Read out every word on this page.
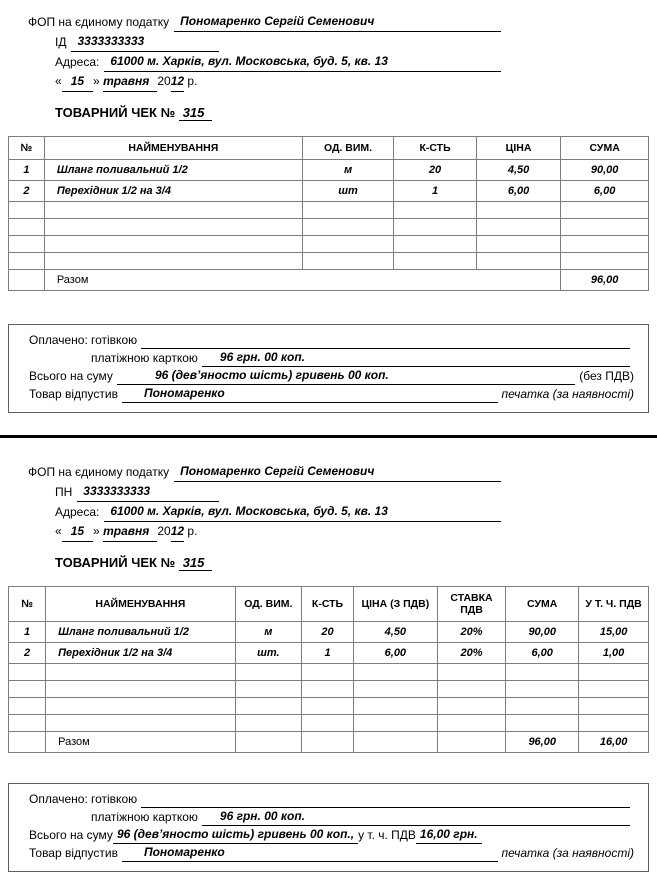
ФОП на єдиному податку Пономаренко Сергій Семенович
ІД 3333333333
Адреса: 61000 м. Харків, вул. Московська, буд. 5, кв. 13
« 15 » травня 2012 р.
ТОВАРНИЙ ЧЕК № 315
№	НАЙМЕНУВАННЯ	ОД. ВИМ.	К-СТЬ	ЦІНА	СУМА
1	Шланг поливальний 1/2	м	20	4,50	90,00
2	Перехідник 1/2 на 3/4	шт	1	6,00	6,00

	Разом				96,00
Оплачено: готівкою
платіжною карткою	96 грн. 00 коп.
Всього на суму	96 (дев’яносто шість) гривень 00 коп.	(без ПДВ)
Товар відпустив	Пономаренко	печатка (за наявності)
ФОП на єдиному податку Пономаренко Сергій Семенович
ПН 3333333333
Адреса: 61000 м. Харків, вул. Московська, буд. 5, кв. 13
« 15 » травня 2012 р.
ТОВАРНИЙ ЧЕК № 315
№	НАЙМЕНУВАННЯ	ОД. ВИМ.	К-СТЬ	ЦІНА (З ПДВ)	СТАВКА ПДВ	СУМА	У Т. Ч. ПДВ
1	Шланг поливальний 1/2	м	20	4,50	20%	90,00	15,00
2	Перехідник 1/2 на 3/4	шт.	1	6,00	20%	6,00	1,00

	Разом					96,00	16,00
Оплачено: готівкою
платіжною карткою	96 грн. 00 коп.
Всього на суму 96 (дев’яносто шість) гривень 00 коп., у т. ч. ПДВ 16,00 грн.
Товар відпустив	Пономаренко	печатка (за наявності)
